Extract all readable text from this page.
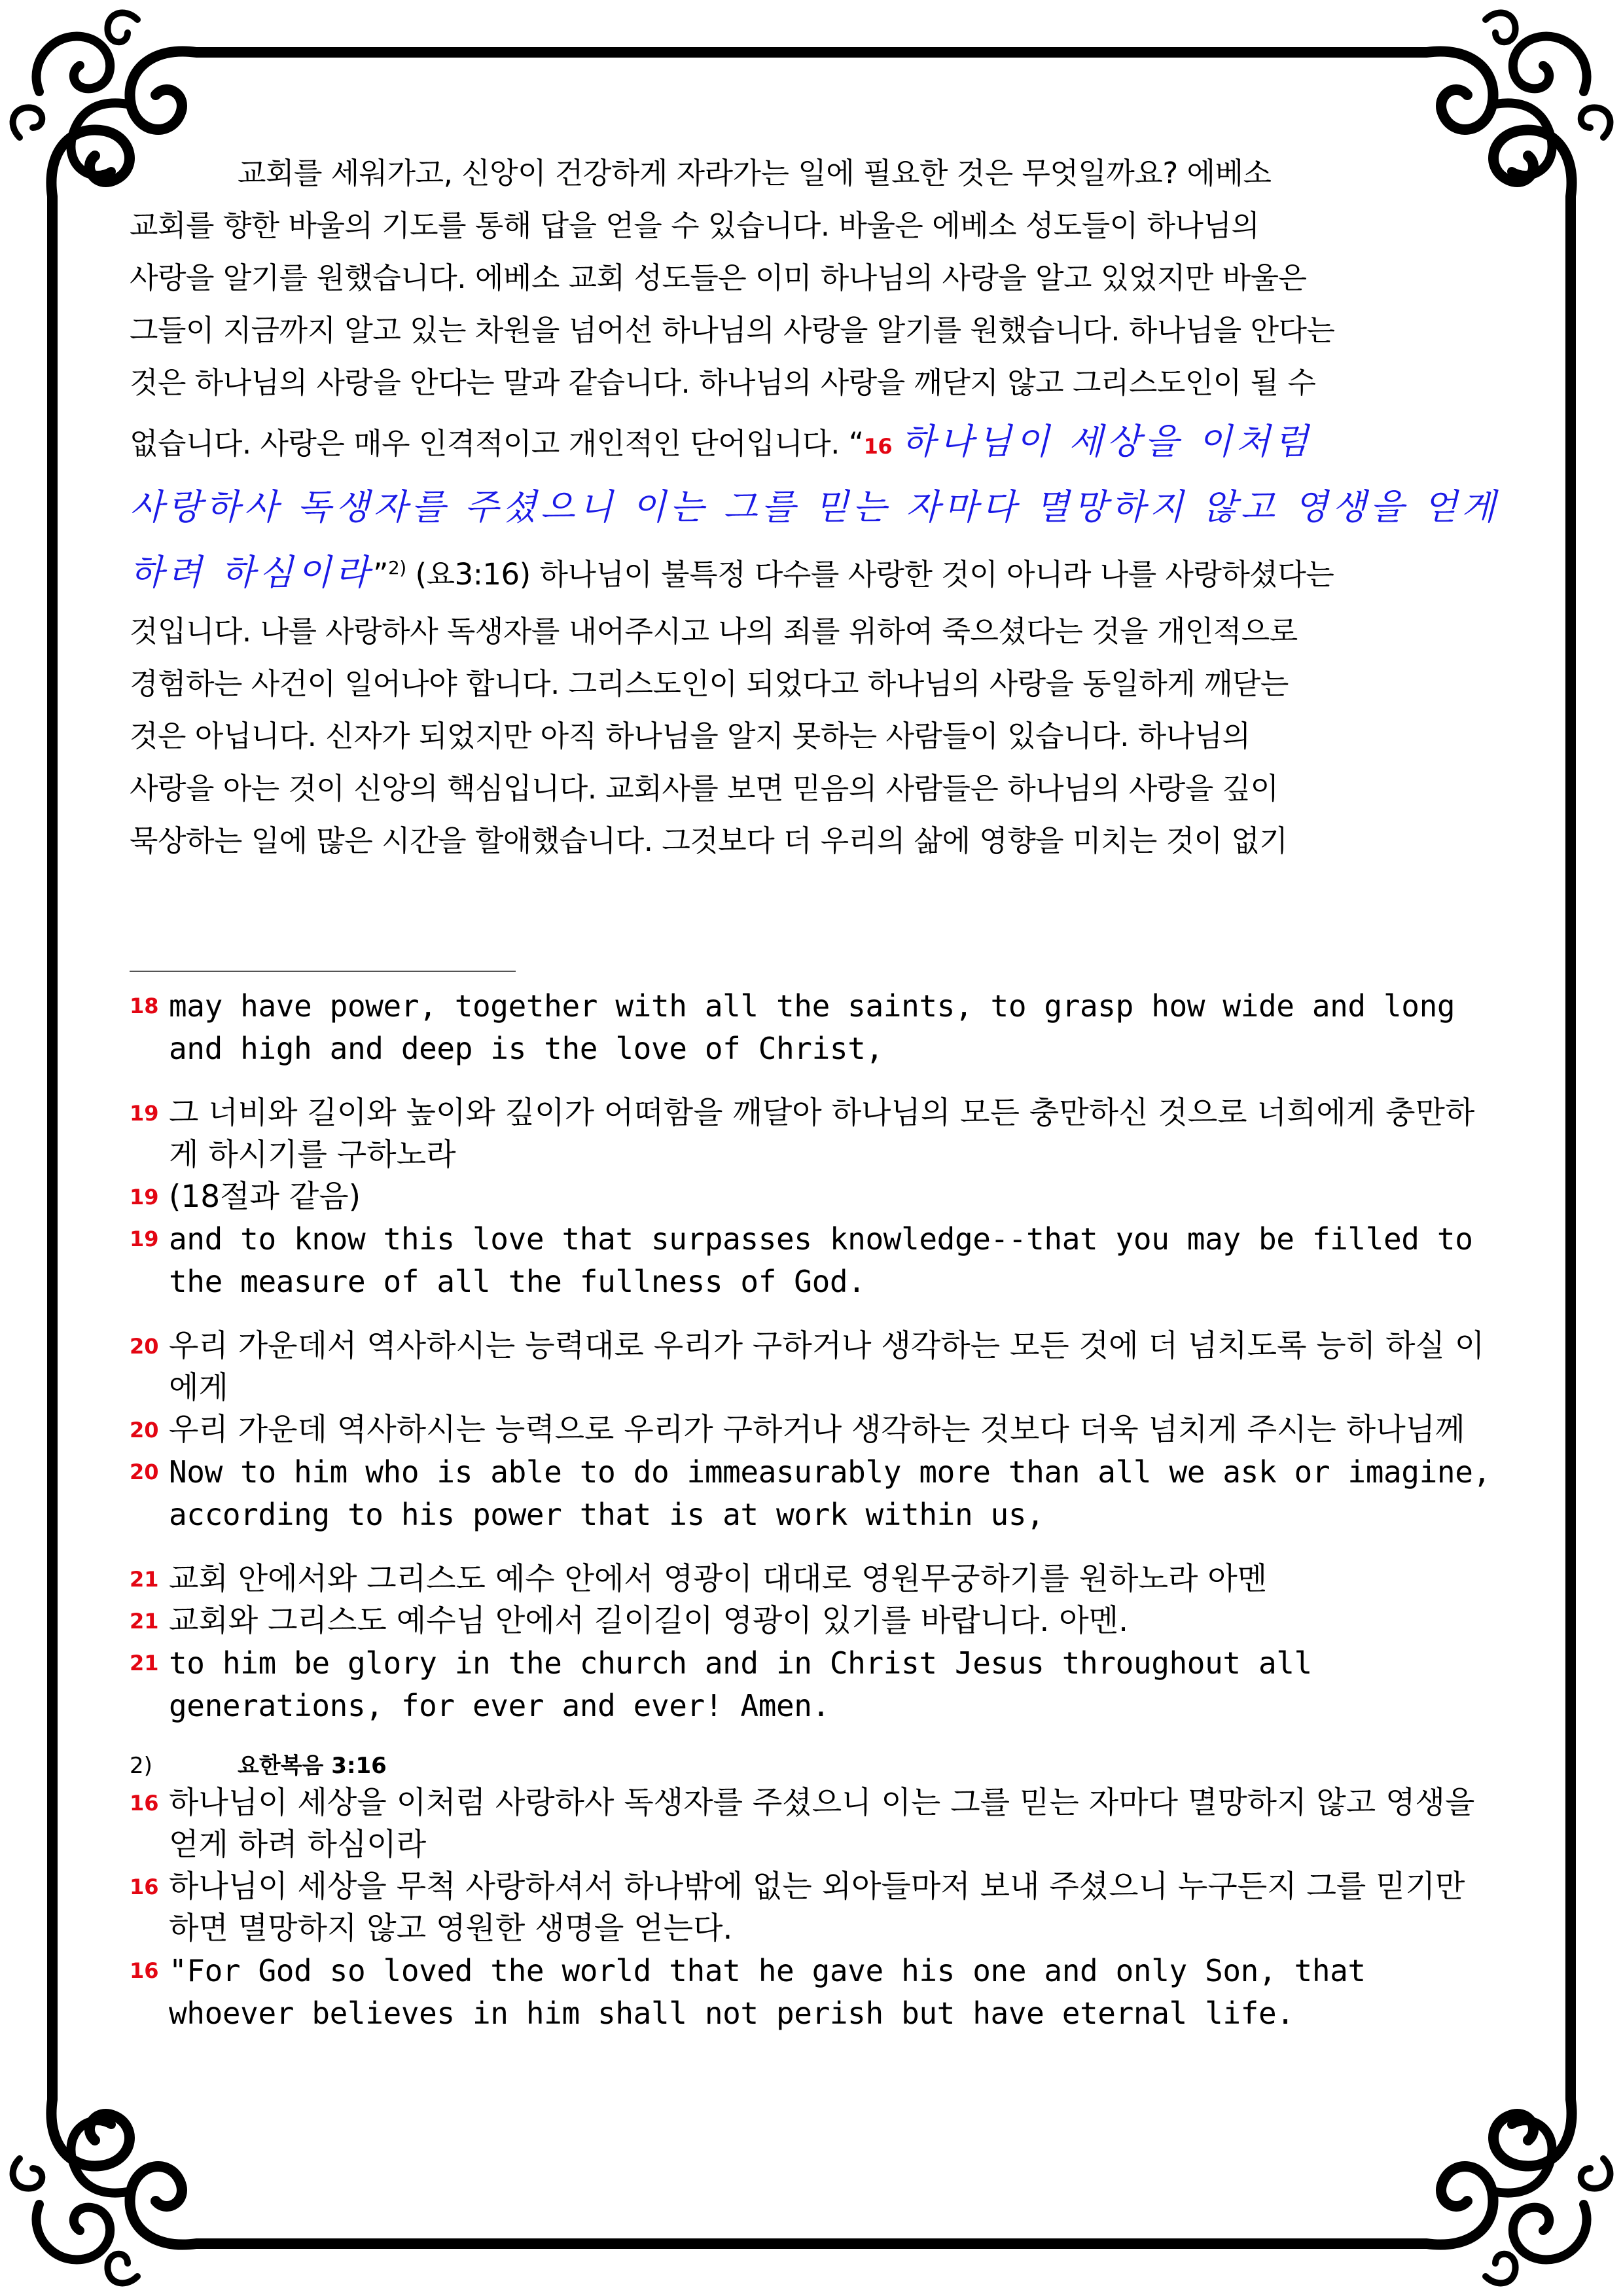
교회를 세워가고, 신앙이 건강하게 자라가는 일에 필요한 것은 무엇일까요? 에베소
교회를 향한 바울의 기도를 통해 답을 얻을 수 있습니다. 바울은 에베소 성도들이 하나님의
사랑을 알기를 원했습니다. 에베소 교회 성도들은 이미 하나님의 사랑을 알고 있었지만 바울은
그들이 지금까지 알고 있는 차원을 넘어선 하나님의 사랑을 알기를 원했습니다. 하나님을 안다는
것은 하나님의 사랑을 안다는 말과 같습니다. 하나님의 사랑을 깨닫지 않고 그리스도인이 될 수
없습니다. 사랑은 매우 인격적이고 개인적인 단어입니다. “16 하나님이 세상을 이처럼
사랑하사 독생자를 주셨으니 이는 그를 믿는 자마다 멸망하지 않고 영생을 얻게
하려 하심이라”$^{2)}$ (요3:16) 하나님이 불특정 다수를 사랑한 것이 아니라 나를 사랑하셨다는
것입니다. 나를 사랑하사 독생자를 내어주시고 나의 죄를 위하여 죽으셨다는 것을 개인적으로
경험하는 사건이 일어나야 합니다. 그리스도인이 되었다고 하나님의 사랑을 동일하게 깨닫는
것은 아닙니다. 신자가 되었지만 아직 하나님을 알지 못하는 사람들이 있습니다. 하나님의
사랑을 아는 것이 신앙의 핵심입니다. 교회사를 보면 믿음의 사람들은 하나님의 사랑을 깊이
묵상하는 일에 많은 시간을 할애했습니다. 그것보다 더 우리의 삶에 영향을 미치는 것이 없기
18 may have power, together with all the saints, to grasp how wide and long and high and deep is the love of Christ,
19 그 너비와 길이와 높이와 깊이가 어떠함을 깨달아 하나님의 모든 충만하신 것으로 너희에게 충만하게 하시기를 구하노라
19 (18절과 같음)
19 and to know this love that surpasses knowledge--that you may be filled to the measure of all the fullness of God.
20 우리 가운데서 역사하시는 능력대로 우리가 구하거나 생각하는 모든 것에 더 넘치도록 능히 하실 이에게
20 우리 가운데 역사하시는 능력으로 우리가 구하거나 생각하는 것보다 더욱 넘치게 주시는 하나님께
20 Now to him who is able to do immeasurably more than all we ask or imagine, according to his power that is at work within us,
21 교회 안에서와 그리스도 예수 안에서 영광이 대대로 영원무궁하기를 원하노라 아멘
21 교회와 그리스도 예수님 안에서 길이길이 영광이 있기를 바랍니다. 아멘.
21 to him be glory in the church and in Christ Jesus throughout all generations, for ever and ever! Amen.
2)	요한복음 3:16
16 하나님이 세상을 이처럼 사랑하사 독생자를 주셨으니 이는 그를 믿는 자마다 멸망하지 않고 영생을 얻게 하려 하심이라
16 하나님이 세상을 무척 사랑하셔서 하나밖에 없는 외아들마저 보내 주셨으니 누구든지 그를 믿기만 하면 멸망하지 않고 영원한 생명을 얻는다.
16 "For God so loved the world that he gave his one and only Son, that whoever believes in him shall not perish but have eternal life.
